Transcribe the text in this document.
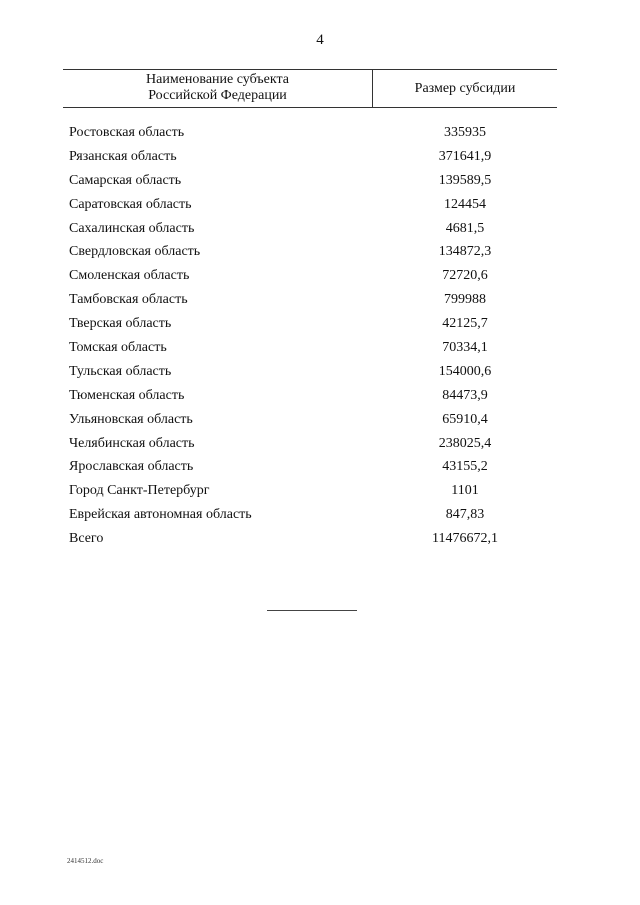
4
Наименование субъекта
Российской Федерации	Размер субсидии
Ростовская область	335935
Рязанская область	371641,9
Самарская область	139589,5
Саратовская область	124454
Сахалинская область	4681,5
Свердловская область	134872,3
Смоленская область	72720,6
Тамбовская область	799988
Тверская область	42125,7
Томская область	70334,1
Тульская область	154000,6
Тюменская область	84473,9
Ульяновская область	65910,4
Челябинская область	238025,4
Ярославская область	43155,2
Город Санкт-Петербург	1101
Еврейская автономная область	847,83
Всего	11476672,1
2414512.doc
